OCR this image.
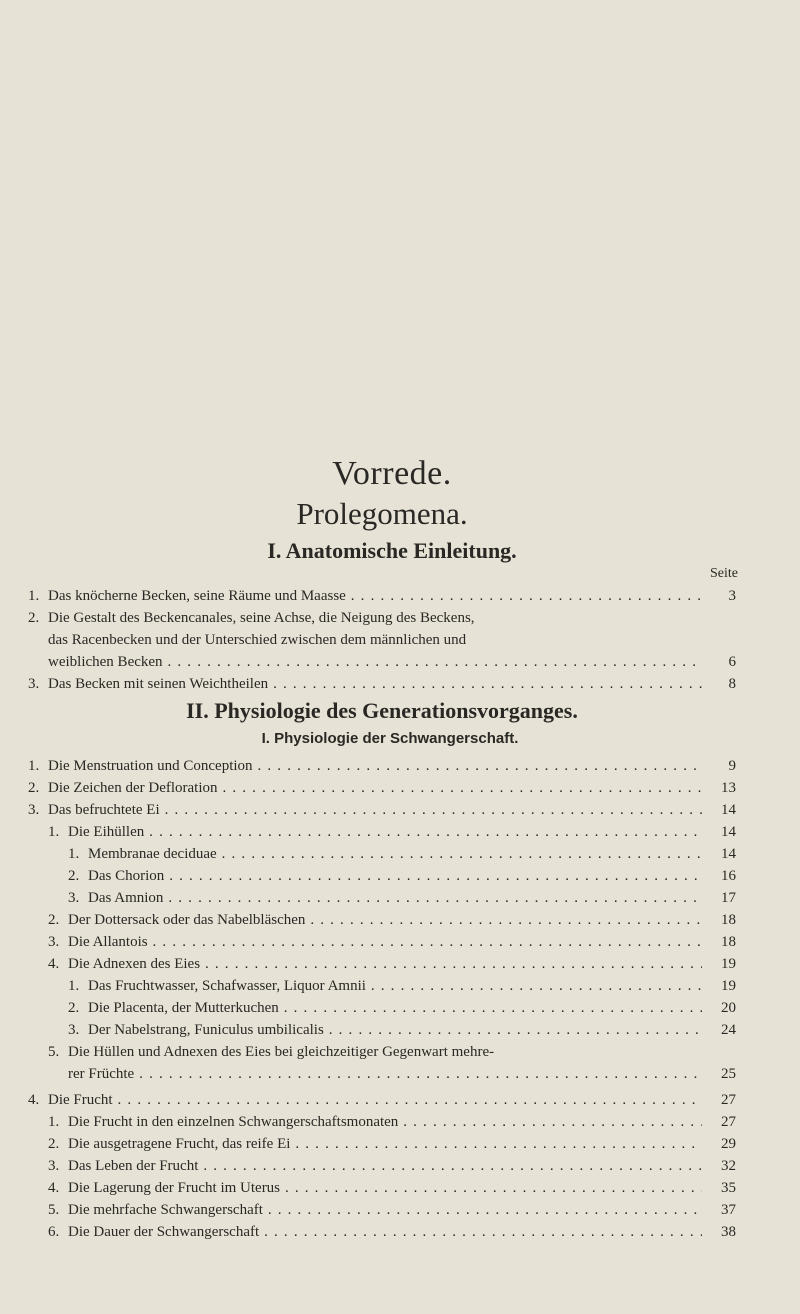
Vorrede.
Prolegomena.
I. Anatomische Einleitung.
Seite
II. Physiologie des Generationsvorganges.
I. Physiologie der Schwangerschaft.
1. Das knöcherne Becken, seine Räume und Maasse . . .	3
2. Die Gestalt des Beckencanales, seine Achse, die Neigung des Beckens,
das Racenbecken und der Unterschied zwischen dem männlichen und
weiblichen Becken . . .	6
3. Das Becken mit seinen Weichtheilen . . .	8
1. Die Menstruation und Conception . . .	9
2. Die Zeichen der Defloration . . .	13
3. Das befruchtete Ei . . .	14
1. Die Eihüllen . . .	14
1. Membranae deciduae . . .	14
2. Das Chorion . . .	16
3. Das Amnion . . .	17
2. Der Dottersack oder das Nabelbläschen . . .	18
3. Die Allantois . . .	18
4. Die Adnexen des Eies . . .	19
1. Das Fruchtwasser, Schafwasser, Liquor Amnii . . .	19
2. Die Placenta, der Mutterkuchen . . .	20
3. Der Nabelstrang, Funiculus umbilicalis . . .	24
5. Die Hüllen und Adnexen des Eies bei gleichzeitiger Gegenwart mehre-
rer Früchte . . .	25
4. Die Frucht . . .	27
1. Die Frucht in den einzelnen Schwangerschaftsmonaten . . .	27
2. Die ausgetragene Frucht, das reife Ei . . .	29
3. Das Leben der Frucht . . .	32
4. Die Lagerung der Frucht im Uterus . . .	35
5. Die mehrfache Schwangerschaft . . .	37
6. Die Dauer der Schwangerschaft . . .	38
